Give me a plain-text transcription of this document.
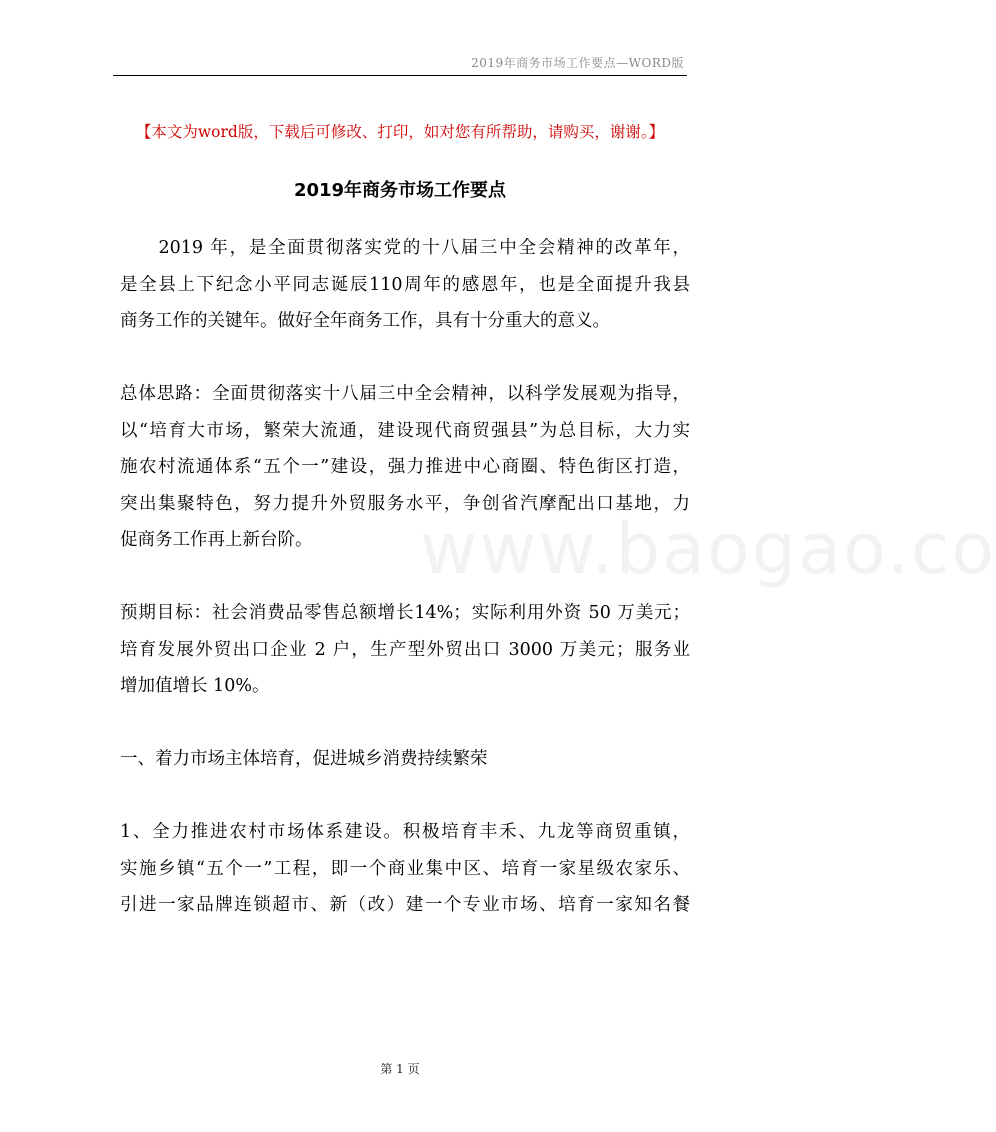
2019年商务市场工作要点—WORD版
【本文为word版，下载后可修改、打印，如对您有所帮助，请购买，谢谢。】
2019年商务市场工作要点
www.baogao.co
　　2019 年，是全面贯彻落实党的十八届三中全会精神的改革年，
是全县上下纪念小平同志诞辰110周年的感恩年，也是全面提升我县
商务工作的关键年。做好全年商务工作，具有十分重大的意义。
总体思路：全面贯彻落实十八届三中全会精神，以科学发展观为指导，
以“培育大市场，繁荣大流通，建设现代商贸强县”为总目标，大力实
施农村流通体系“五个一”建设，强力推进中心商圈、特色街区打造，
突出集聚特色，努力提升外贸服务水平，争创省汽摩配出口基地，力
促商务工作再上新台阶。
预期目标：社会消费品零售总额增长14%；实际利用外资 50 万美元；
培育发展外贸出口企业 2 户，生产型外贸出口 3000 万美元；服务业
增加值增长 10%。
一、着力市场主体培育，促进城乡消费持续繁荣
1、全力推进农村市场体系建设。积极培育丰禾、九龙等商贸重镇，
实施乡镇“五个一”工程，即一个商业集中区、培育一家星级农家乐、
引进一家品牌连锁超市、新（改）建一个专业市场、培育一家知名餐
第 1 页
